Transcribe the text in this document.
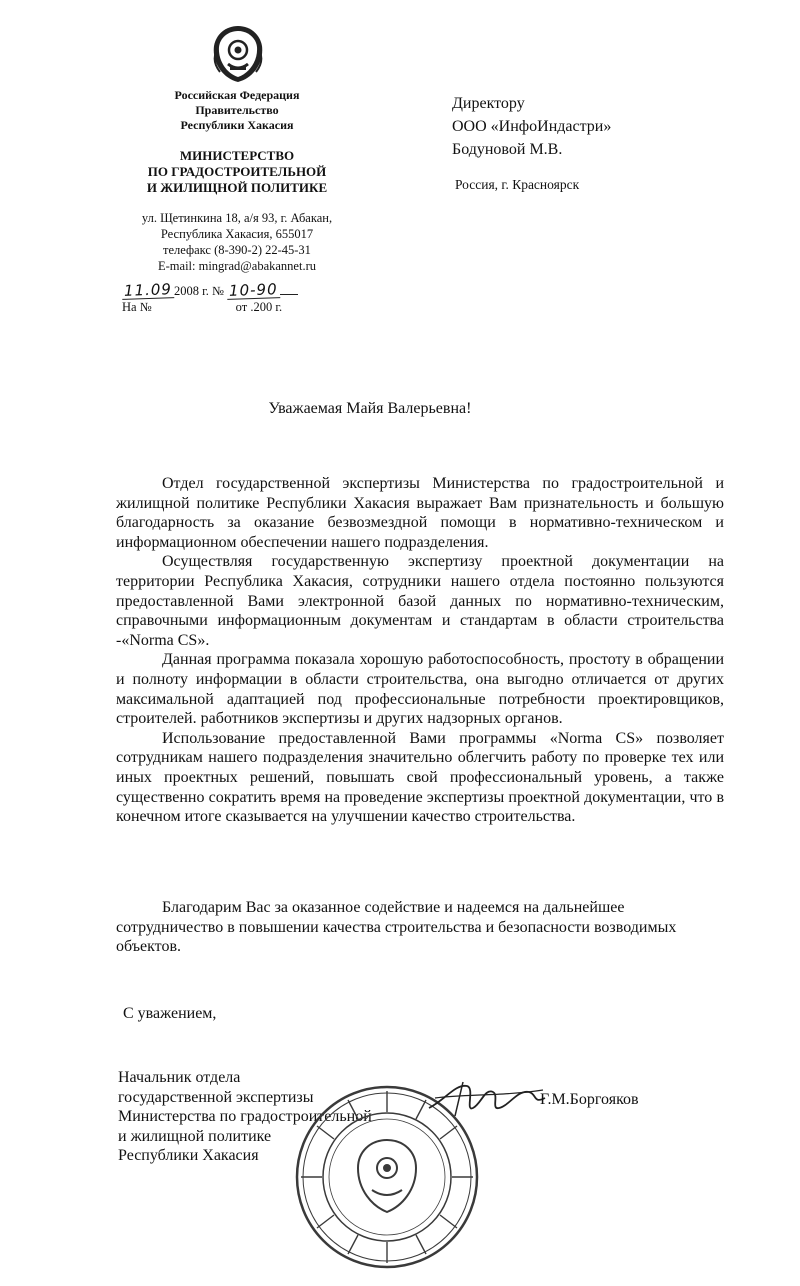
Российская Федерация
Правительство
Республики Хакасия
МИНИСТЕРСТВО
ПО ГРАДОСТРОИТЕЛЬНОЙ
И ЖИЛИЩНОЙ ПОЛИТИКЕ
ул. Щетинкина 18, а/я 93, г. Абакан,
Республика Хакасия, 655017
телефакс (8-390-2) 22-45-31
E-mail: mingrad@abakannet.ru
11.09 2008 г. № 10-90
На №	от .200 г.
Директору
ООО «ИнфоИндастри»
Бодуновой М.В.
Россия, г. Красноярск
Уважаемая Майя Валерьевна!

Отдел государственной экспертизы Министерства по градостроительной и жилищной политике Республики Хакасия выражает Вам признательность и большую благодарность за оказание безвозмездной помощи в нормативно-техническом и информационном обеспечении нашего подразделения.

Осуществляя государственную экспертизу проектной документации на территории Республика Хакасия, сотрудники нашего отдела постоянно пользуются предоставленной Вами электронной базой данных по нормативно-техническим, справочными информационным документам и стандартам в области строительства -«Norma CS».

Данная программа показала хорошую работоспособность, простоту в обращении и полноту информации в области строительства, она выгодно отличается от других максимальной адаптацией под профессиональные потребности проектировщиков, строителей. работников экспертизы и других надзорных органов.

Использование предоставленной Вами программы «Norma CS» позволяет сотрудникам нашего подразделения значительно облегчить работу по проверке тех или иных проектных решений, повышать свой профессиональный уровень, а также существенно сократить время на проведение экспертизы проектной документации, что в конечном итоге сказывается на улучшении качество строительства.

Благодарим Вас за оказанное содействие и надеемся на дальнейшее сотрудничество в повышении качества строительства и безопасности возводимых объектов.

С уважением,
Начальник отдела
государственной экспертизы
Министерства по градостроительной
и жилищной политике
Республики Хакасия
Г.М.Боргояков
